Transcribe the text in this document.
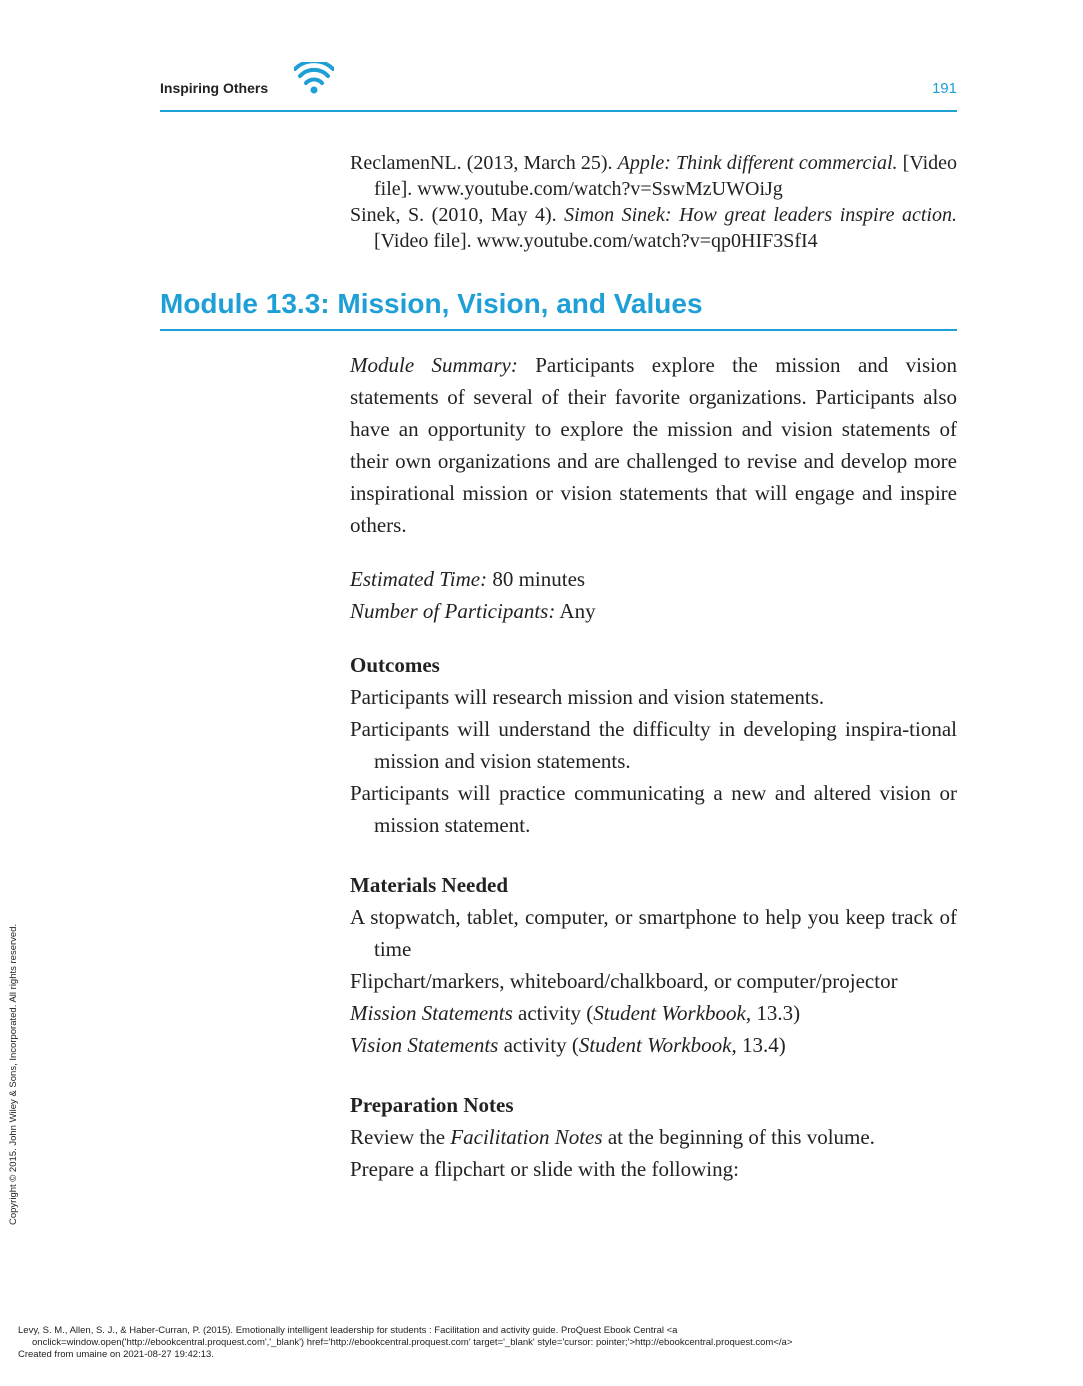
Inspiring Others	191
ReclamenNL. (2013, March 25). Apple: Think different commercial. [Video file]. www.youtube.com/watch?v=SswMzUWOiJg
Sinek, S. (2010, May 4). Simon Sinek: How great leaders inspire action. [Video file]. www.youtube.com/watch?v=qp0HIF3SfI4
Module 13.3: Mission, Vision, and Values

Module Summary: Participants explore the mission and vision statements of several of their favorite organizations. Participants also have an opportunity to explore the mission and vision statements of their own organizations and are challenged to revise and develop more inspirational mission or vision statements that will engage and inspire others.

Estimated Time: 80 minutes
Number of Participants: Any
Outcomes
Participants will research mission and vision statements.
Participants will understand the difficulty in developing inspira-tional mission and vision statements.
Participants will practice communicating a new and altered vision or mission statement.
Materials Needed
A stopwatch, tablet, computer, or smartphone to help you keep track of time
Flipchart/markers, whiteboard/chalkboard, or computer/projector
Mission Statements activity (Student Workbook, 13.3)
Vision Statements activity (Student Workbook, 13.4)
Preparation Notes
Review the Facilitation Notes at the beginning of this volume.
Prepare a flipchart or slide with the following:
Copyright © 2015. John Wiley & Sons, Incorporated. All rights reserved.
Levy, S. M., Allen, S. J., & Haber-Curran, P. (2015). Emotionally intelligent leadership for students : Facilitation and activity guide. ProQuest Ebook Central <a
onclick=window.open('http://ebookcentral.proquest.com','_blank') href='http://ebookcentral.proquest.com' target='_blank' style='cursor: pointer;'>http://ebookcentral.proquest.com</a>
Created from umaine on 2021-08-27 19:42:13.
